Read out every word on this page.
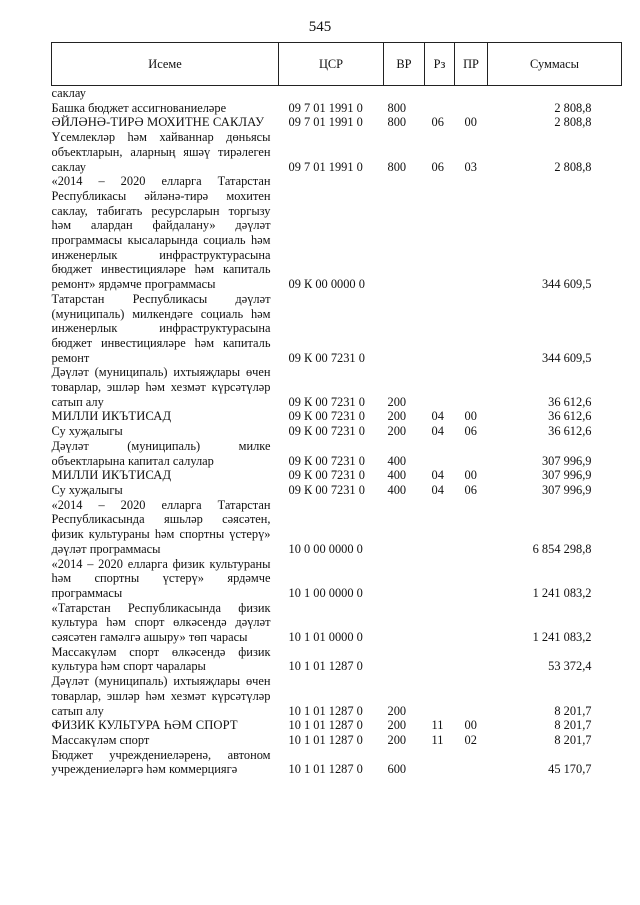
545
Исеме	ЦСР	ВР	Рз	ПР	Суммасы
саклау					
Башка бюджет ассигнованиеләре	09 7 01 1991 0	800			2 808,8
ӘЙЛӘНӘ-ТИРӘ МОХИТНЕ САКЛАУ	09 7 01 1991 0	800	06	00	2 808,8
Үсемлекләр һәм хайваннар дөньясы объектларын, аларның яшәү тирәлеген саклау	09 7 01 1991 0	800	06	03	2 808,8
«2014 – 2020 елларга Татарстан Республикасы әйләнә-тирә мохитен саклау, табигать ресурсларын торгызу һәм алардан файдалану» дәүләт программасы кысаларында социаль һәм инженерлык инфраструктурасына бюджет инвестицияләре һәм капиталь ремонт» ярдәмче программасы	09 К 00 0000 0				344 609,5
Татарстан Республикасы дәүләт (муниципаль) милкендәге социаль һәм инженерлык инфраструктурасына бюджет инвестицияләре һәм капиталь ремонт	09 К 00 7231 0				344 609,5
Дәүләт (муниципаль) ихтыяҗлары өчен товарлар, эшләр һәм хезмәт күрсәтүләр сатып алу	09 К 00 7231 0	200			36 612,6
МИЛЛИ ИКЪТИСАД	09 К 00 7231 0	200	04	00	36 612,6
Су хуҗалыгы	09 К 00 7231 0	200	04	06	36 612,6
Дәүләт (муниципаль) милке объектларына капитал салулар	09 К 00 7231 0	400			307 996,9
МИЛЛИ ИКЪТИСАД	09 К 00 7231 0	400	04	00	307 996,9
Су хуҗалыгы	09 К 00 7231 0	400	04	06	307 996,9
«2014 – 2020 елларга Татарстан Республикасында яшьләр сәясәтен, физик культураны һәм спортны үстерү» дәүләт программасы	10 0 00 0000 0				6 854 298,8
«2014 – 2020 елларга физик культураны һәм спортны үстерү» ярдәмче программасы	10 1 00 0000 0				1 241 083,2
«Татарстан Республикасында физик культура һәм спорт өлкәсендә дәүләт сәясәтен гамәлгә ашыру» төп чарасы	10 1 01 0000 0				1 241 083,2
Массакүләм спорт өлкәсендә физик культура һәм спорт чаралары	10 1 01 1287 0				53 372,4
Дәүләт (муниципаль) ихтыяҗлары өчен товарлар, эшләр һәм хезмәт күрсәтүләр сатып алу	10 1 01 1287 0	200			8 201,7
ФИЗИК КУЛЬТУРА ҺӘМ СПОРТ	10 1 01 1287 0	200	11	00	8 201,7
Массакүләм спорт	10 1 01 1287 0	200	11	02	8 201,7
Бюджет учреждениеләренә, автоном учреждениеләргә һәм коммерциягә	10 1 01 1287 0	600			45 170,7
